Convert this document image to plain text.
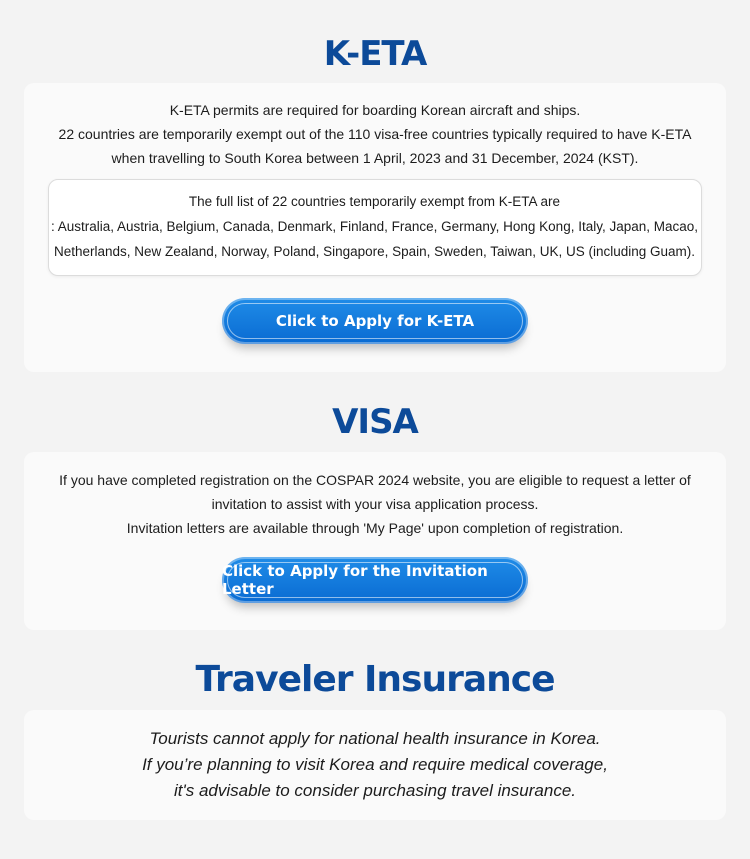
K-ETA

K-ETA permits are required for boarding Korean aircraft and ships.
22 countries are temporarily exempt out of the 110 visa-free countries typically required to have K-ETA
when travelling to South Korea between 1 April, 2023 and 31 December, 2024 (KST).

The full list of 22 countries temporarily exempt from K-ETA are
: Australia, Austria, Belgium, Canada, Denmark, Finland, France, Germany, Hong Kong, Italy, Japan, Macao,
Netherlands, New Zealand, Norway, Poland, Singapore, Spain, Sweden, Taiwan, UK, US (including Guam).

Click to Apply for K-ETA
VISA

If you have completed registration on the COSPAR 2024 website, you are eligible to request a letter of
invitation to assist with your visa application process.
Invitation letters are available through 'My Page' upon completion of registration.

Click to Apply for the Invitation Letter
Traveler Insurance

Tourists cannot apply for national health insurance in Korea.
If you’re planning to visit Korea and require medical coverage,
it's advisable to consider purchasing travel insurance.
